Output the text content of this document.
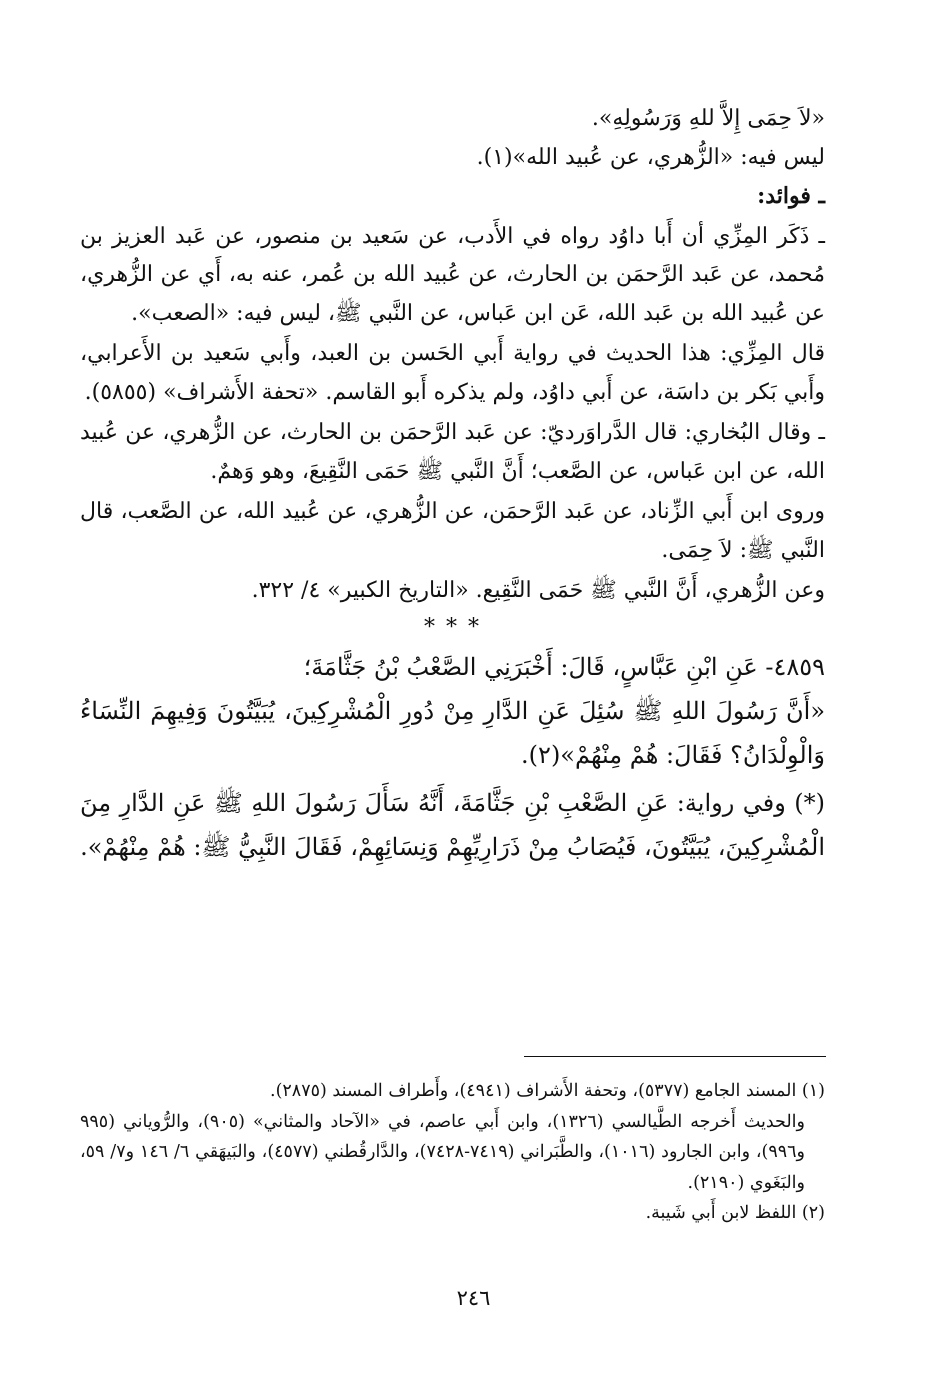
«لاَ حِمَى إِلاَّ للهِ وَرَسُولِهِ».

ليس فيه: «الزُّهري، عن عُبيد الله»(١).

ـ فوائد:

ـ ذَكَر المِزِّي أن أَبا داوُد رواه في الأَدب، عن سَعيد بن منصور، عن عَبد العزيز بن مُحمد، عن عَبد الرَّحمَن بن الحارث، عن عُبيد الله بن عُمر، عنه به، أَي عن الزُّهري، عن عُبيد الله بن عَبد الله، عَن ابن عَباس، عن النَّبي ﷺ، ليس فيه: «الصعب».

قال المِزِّي: هذا الحديث في رواية أَبي الحَسن بن العبد، وأَبي سَعيد بن الأَعرابي، وأَبي بَكر بن داسَة، عن أَبي داوُد، ولم يذكره أَبو القاسم. «تحفة الأَشراف» (٥٨٥٥).

ـ وقال البُخاري: قال الدَّراوَرديّ: عن عَبد الرَّحمَن بن الحارث، عن الزُّهري، عن عُبيد الله، عن ابن عَباس، عن الصَّعب؛ أَنَّ النَّبي ﷺ حَمَى النَّقِيعَ، وهو وَهمٌ.

وروى ابن أَبي الزِّناد، عن عَبد الرَّحمَن، عن الزُّهري، عن عُبيد الله، عن الصَّعب، قال النَّبي ﷺ: لاَ حِمَى.

وعن الزُّهري، أَنَّ النَّبي ﷺ حَمَى النَّقِيع. «التاريخ الكبير» ٤/ ٣٢٢.

* * *

٤٨٥٩- عَنِ ابْنِ عَبَّاسٍ، قَالَ: أَخْبَرَنِي الصَّعْبُ بْنُ جَثَّامَةَ؛

«أَنَّ رَسُولَ اللهِ ﷺ سُئِلَ عَنِ الدَّارِ مِنْ دُورِ الْمُشْرِكِينَ، يُبَيَّتُونَ وَفِيهِمَ النِّسَاءُ وَالْوِلْدَانُ؟ فَقَالَ: هُمْ مِنْهُمْ»(٢).

(*) وفي رواية: عَنِ الصَّعْبِ بْنِ جَثَّامَةَ، أَنَّهُ سَأَلَ رَسُولَ اللهِ ﷺ عَنِ الدَّارِ مِنَ الْمُشْرِكِينَ، يُبَيَّتُونَ، فَيُصَابُ مِنْ ذَرَارِيِّهِمْ وَنِسَائِهِمْ، فَقَالَ النَّبِيُّ ﷺ: هُمْ مِنْهُمْ».

(١) المسند الجامع (٥٣٧٧)، وتحفة الأَشراف (٤٩٤١)، وأَطراف المسند (٢٨٧٥).

والحديث أَخرجه الطَّيالسي (١٣٢٦)، وابن أَبي عاصم، في «الآحاد والمثاني» (٩٠٥)، والرُّوياني (٩٩٥ و٩٩٦)، وابن الجارود (١٠١٦)، والطَّبَراني (٧٤١٩-٧٤٢٨)، والدَّارقُطني (٤٥٧٧)، والبَيهَقي ٦/ ١٤٦ و٧/ ٥٩، والبَغَوي (٢١٩٠).

(٢) اللفظ لابن أَبي شَيبة.

٢٤٦
